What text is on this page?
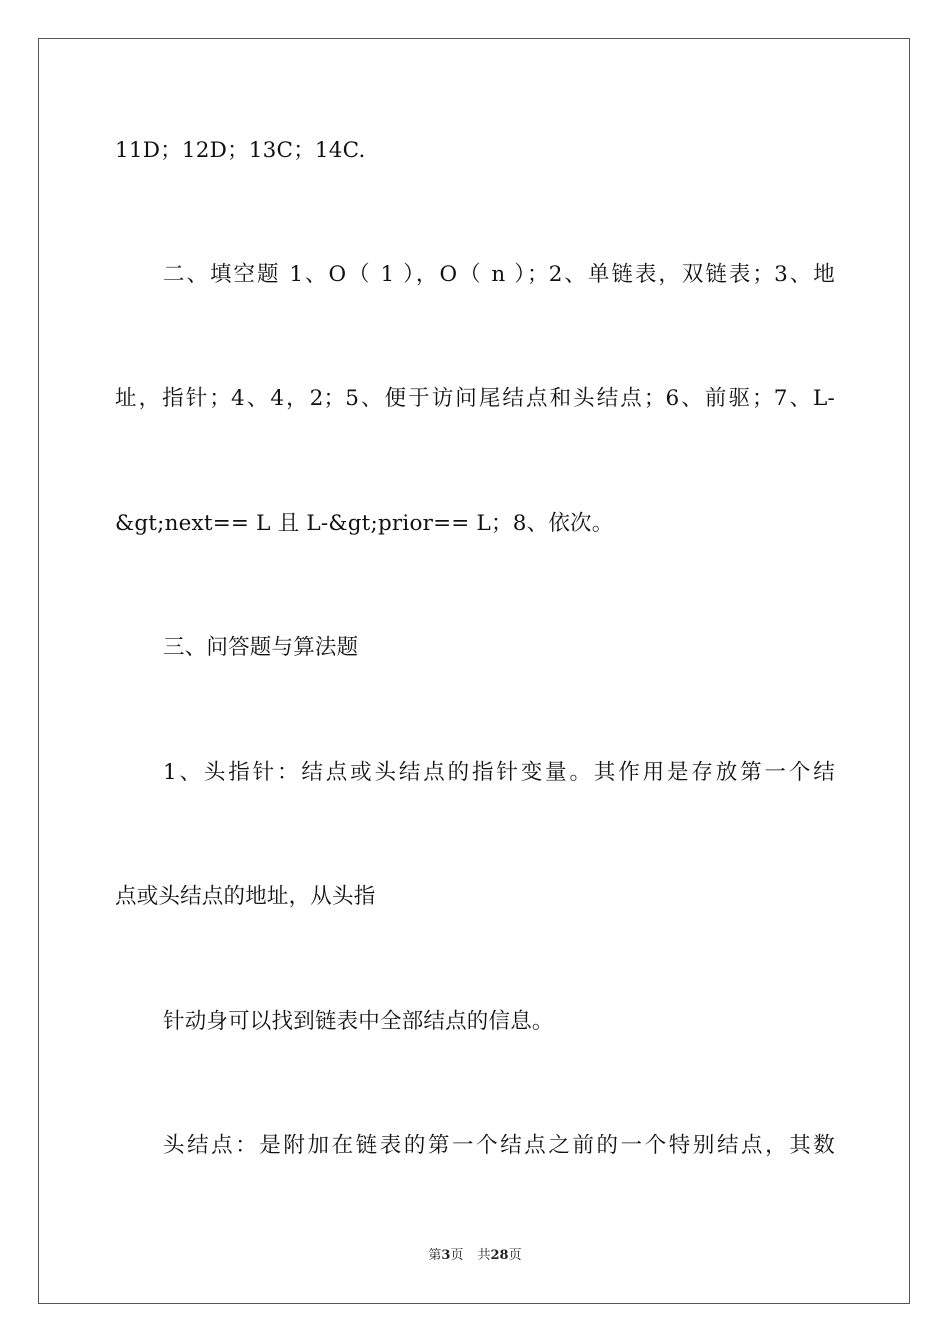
11D；12D；13C；14C.
二、填空题 1、O（ 1 ），O（ n ）；2、单链表，双链表；3、地
址，指针；4、4，2；5、便于访问尾结点和头结点；6、前驱；7、L-
&gt;next== L 且 L-&gt;prior== L；8、依次。
三、问答题与算法题
1、头指针：结点或头结点的指针变量。其作用是存放第一个结
点或头结点的地址，从头指
针动身可以找到链表中全部结点的信息。
头结点：是附加在链表的第一个结点之前的一个特别结点，其数
第3页 共28页
